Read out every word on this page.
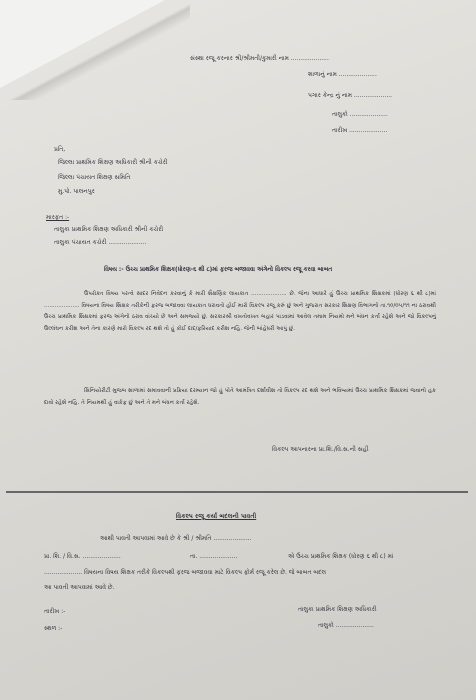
સંસ્થા રજૂ કરનાર શ્રી/શ્રીમતી/કુમારી નામ ....................
શાળાનું નામ ....................
પગાર કેન્દ્ર નું નામ ....................
તાલુકો ....................
તારીખ ....................
પ્રતિ,
જિલ્લા પ્રાથમિક શિક્ષણ અધિકારી શ્રીની કચેરી
જિલ્લા પંચાયત શિક્ષણ સમિતિ
મુ.પો. પાલનપુર
મારફત :-
તાલુકા પ્રાથમિક શિક્ષણ અધિકારી શ્રીની કચેરી
તાલુકા પંચાયત કચેરી ....................
વિષય :- ઉચ્ચ પ્રાથમિક શિક્ષક(ધોરણ-૬ થી ૮)માં ફરજ બજાવવા અંગેનો વિકલ્પ રજૂ કરવા બાબત
ઉપરોક્ત વિષય પરત્વે સાદર નિવેદન કરવાનું કે મારી શૈક્ષણિક લાયકાત .................... છે. જેના આધારે હું ઉચ્ચ પ્રાથમિક શિક્ષકમાં (ધોરણ ૬ થી ૮)માં .................... વિષયના વિષય શિક્ષક તરીકેની ફરજ બજાવવા લાયકાત ધરાવતો હોઈ મારો વિકલ્પ રજૂ કરું છું અને ગુજરાત સરકાર શિક્ષણ વિભાગનો તા.૧૦/૦૫/૧૧ ના ઠરાવથી ઉચ્ચ પ્રાથમિક શિક્ષકમાં ફરજ અંગેનો ઠરાવ વાંચ્યો છે અને સમજ્યો છું. સરકારશ્રી વખતોવખત બહાર પાડવામાં આવેલ તમામ નિયમો મને બંધન કર્તા રહેશે અને જો વિકલ્પનું ઉલ્લંઘન કરીશ અને તેના કારણે મારો વિકલ્પ રદ થશે તો હું કોઈ દાદ/ફરિયાદ કરીશ નહિ. જેની બાંહેધરી આપું છું.
સિનિયોરીટી મુજબ શાળામાં સમાવવાની પ્રક્રિયા દરમ્યાન જો હું પોતે આમંત્રિત દર્શાવીશ તો વિકલ્પ રદ થશે અને ભવિષ્યમાં ઉચ્ચ પ્રાથમિક શિક્ષકમાં જવાનો હક દાવો રહેશે નહિ. તે નિયમથી હું વાકેફ છું અને તે મને બંધન કર્તા રહેશે.
વિકલ્પ આપનારના પ્રા.શિ./વિ.સ.ની સહી
વિકલ્પ રજૂ કર્યા બદલની પાવતી
આથી પાવતી આપવામાં આવે છે કે શ્રી / શ્રીમતિ ....................
પ્રા. શિ. / વિ.સ. ....................	તા. ....................	એ ઉચ્ચ પ્રાથમિક શિક્ષક (ધોરણ ૬ થી ૮) માં
.................... વિષયના વિષય શિક્ષક તરીકે વિકલ્પથી ફરજ બજાવવા માટે વિકલ્પ ફોર્મ રજૂ કરેલ છે. જે બાબત બદલ
આ પાવતી આપવામાં આવે છે.
તારીખ :-
સ્થળ :-
તાલુકા પ્રાથમિક શિક્ષણ અધિકારી
તાલુકો ....................
